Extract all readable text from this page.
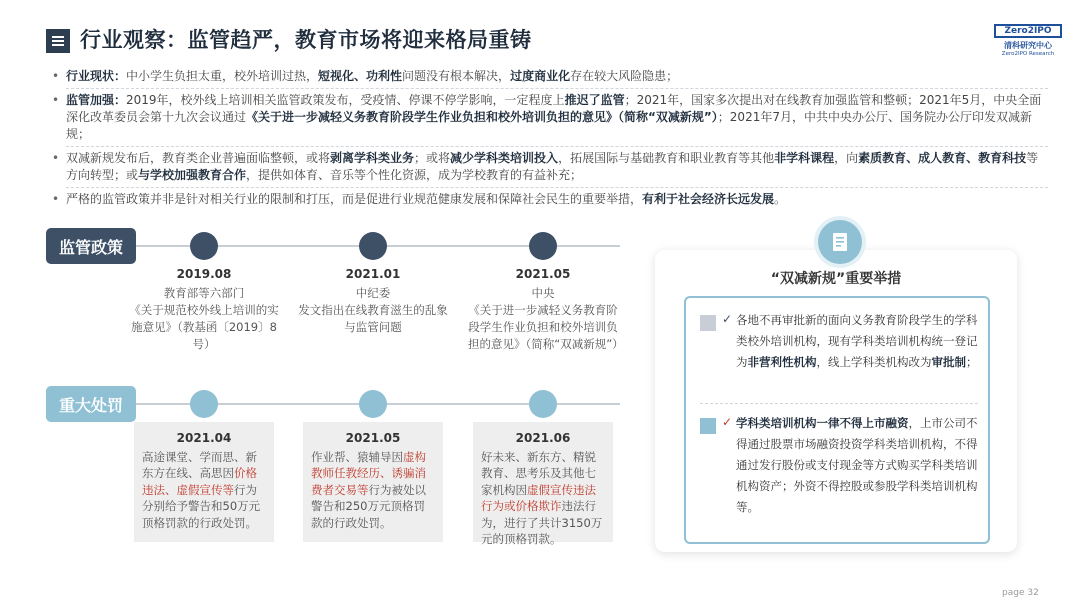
行业观察：监管趋严，教育市场将迎来格局重铸	Zero2IPO
清科研究中心
Zero2IPO Research
• 行业现状：中小学生负担太重，校外培训过热，短视化、功利性问题没有根本解决，过度商业化存在较大风险隐患；
• 监管加强：2019年，校外线上培训相关监管政策发布，受疫情、停课不停学影响，一定程度上推迟了监管；2021年，国家多次提出对在线教育加强监管和整顿；2021年5月，中央全面深化改革委员会第十九次会议通过《关于进一步减轻义务教育阶段学生作业负担和校外培训负担的意见》（简称“双减新规”）；2021年7月，中共中央办公厅、国务院办公厅印发双减新规；
• 双减新规发布后，教育类企业普遍面临整顿，或将剥离学科类业务；或将减少学科类培训投入，拓展国际与基础教育和职业教育等其他非学科课程，向素质教育、成人教育、教育科技等方向转型；或与学校加强教育合作，提供如体育、音乐等个性化资源，成为学校教育的有益补充；
• 严格的监管政策并非是针对相关行业的限制和打压，而是促进行业规范健康发展和保障社会民生的重要举措，有利于社会经济长远发展。
监管政策
2019.08
教育部等六部门
《关于规范校外线上培训的实施意见》（教基函〔2019〕8号）
2021.01
中纪委
发文指出在线教育滋生的乱象与监管问题
2021.05
中央
《关于进一步减轻义务教育阶段学生作业负担和校外培训负担的意见》（简称“双减新规”）
重大处罚
2021.04
高途课堂、学而思、新东方在线、高思因价格违法、虚假宣传等行为分别给予警告和50万元顶格罚款的行政处罚。
2021.05
作业帮、猿辅导因虚构教师任教经历、诱骗消费者交易等行为被处以警告和250万元顶格罚款的行政处罚。
2021.06
好未来、新东方、精锐教育、思考乐及其他七家机构因虚假宣传违法行为或价格欺诈违法行为，进行了共计3150万元的顶格罚款。
“双减新规”重要举措
✓ 各地不再审批新的面向义务教育阶段学生的学科类校外培训机构，现有学科类培训机构统一登记为非营利性机构，线上学科类机构改为审批制；
✓ 学科类培训机构一律不得上市融资，上市公司不得通过股票市场融资投资学科类培训机构，不得通过发行股份或支付现金等方式购买学科类培训机构资产；外资不得控股或参股学科类培训机构等。
page 32
